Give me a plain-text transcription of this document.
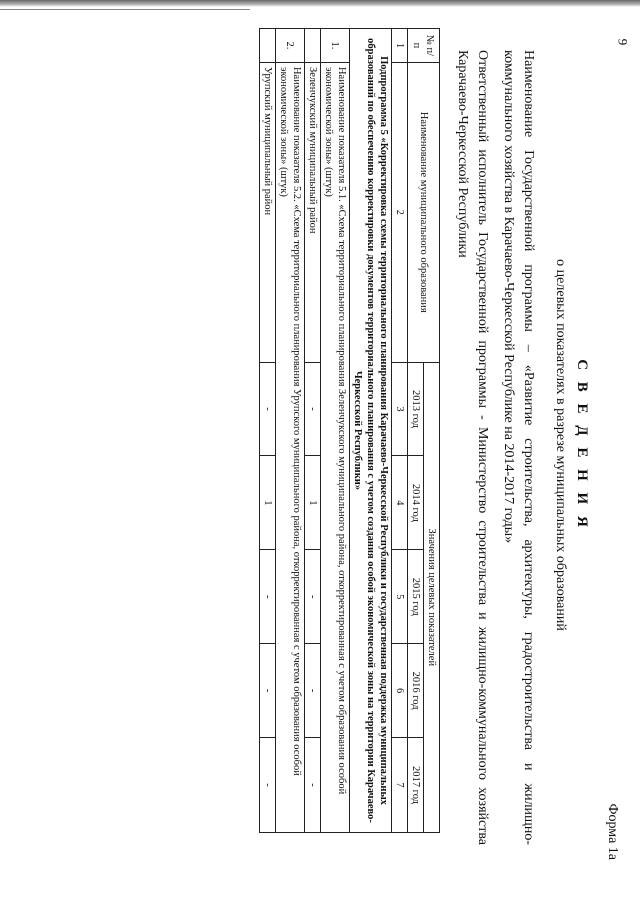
9
Форма 1а
С В Е Д Е Н И Я
о целевых показателях в разрезе муниципальных образований
Наименование Государственной программы – «Развитие строительства, архитектуры, градостроительства и жилищно-коммунального хозяйства в Карачаево-Черкесской Республике на 2014-2017 годы»
Ответственный исполнитель Государственной программы - Министерство строительства и жилищно-коммунального хозяйства Карачаево-Черкесской Республики
№ п/п	Наименование муниципального образования	Значения целевых показателей				
		2013 год	2014 год	2015 год	2016 год	2017 год
1	2	3	4	5	6	7
Подпрограмма 5 «Корректировка схемы территориального планирования Карачаево-Черкесской Республики и государственная поддержка муниципальных образований по обеспечению корректировки документов территориального планирования с учетом создания особой экономической зоны на территории Карачаево-Черкесской Республики»						
1.	Наименование показателя 5.1. «Схема территориального планирования Зеленчукского муниципального района, откорректированная с учетом образования особой экономической зоны» (штук)					
	Зеленчукский муниципальный район	-	1	-	-	-
2.	Наименование показателя 5.2. «Схема территориального планирования Урупского муниципального района, откорректированная с учетом образования особой экономической зоны» (штук)					
	Урупский муниципальный район	-	1	-	-	-
